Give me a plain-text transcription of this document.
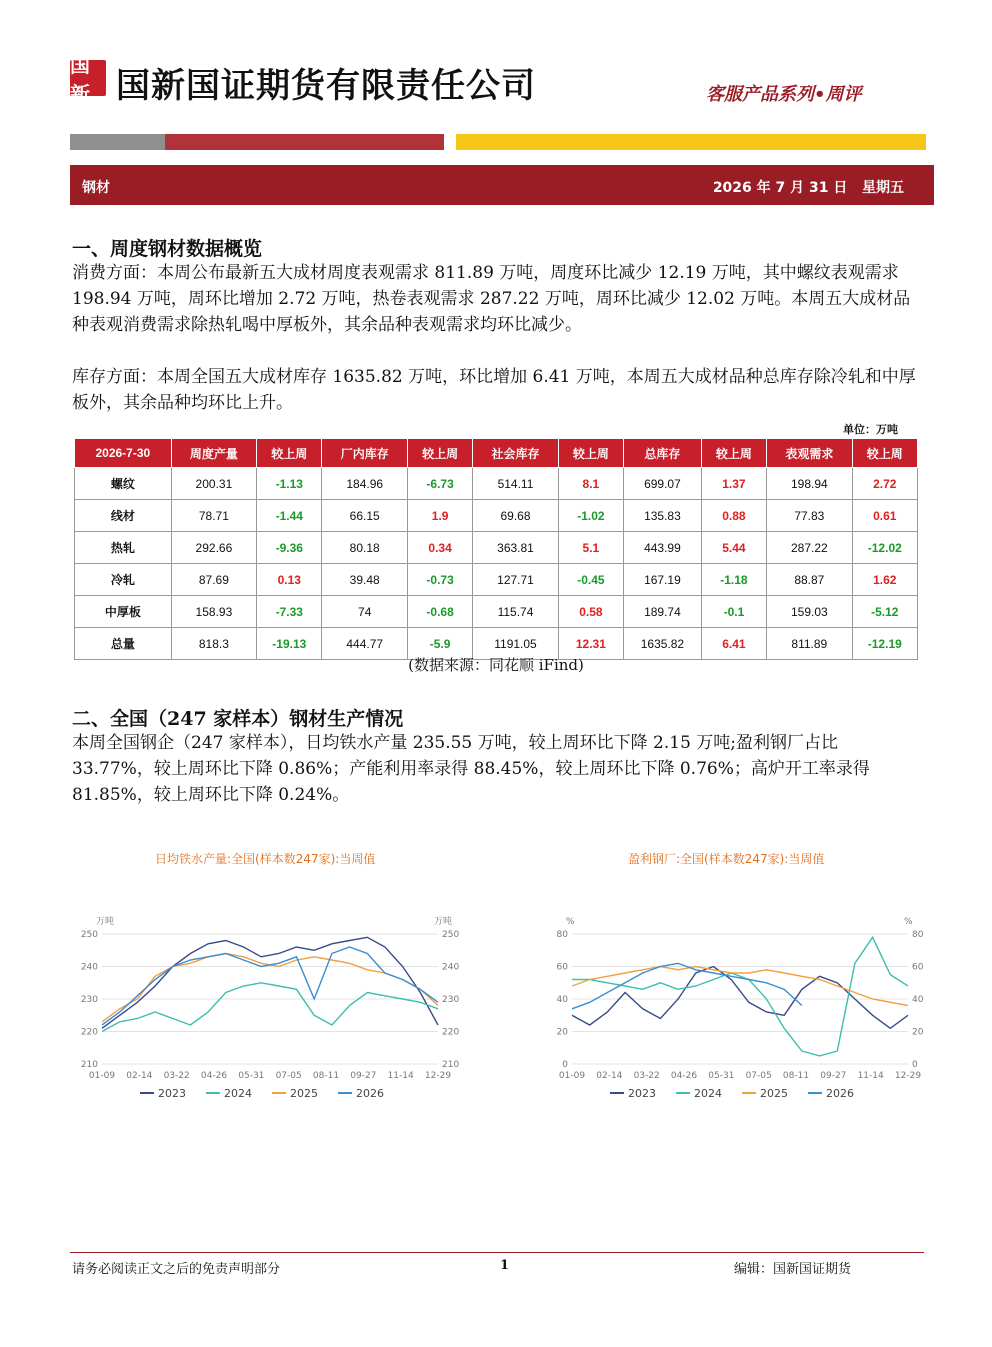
国新 国新国证期货有限责任公司	客服产品系列•周评
钢材	2026 年 7 月 31 日 星期五
一、周度钢材数据概览
消费方面：本周公布最新五大成材周度表观需求 811.89 万吨，周度环比减少 12.19 万吨，其中螺纹表观需求 198.94 万吨，周环比增加 2.72 万吨，热卷表观需求 287.22 万吨，周环比减少 12.02 万吨。本周五大成材品种表观消费需求除热轧喝中厚板外，其余品种表观需求均环比减少。
库存方面：本周全国五大成材库存 1635.82 万吨，环比增加 6.41 万吨，本周五大成材品种总库存除冷轧和中厚板外，其余品种均环比上升。
单位：万吨
2026-7-30	周度产量	较上周	厂内库存	较上周	社会库存	较上周	总库存	较上周	表观需求	较上周
螺纹	200.31	-1.13	184.96	-6.73	514.11	8.1	699.07	1.37	198.94	2.72
线材	78.71	-1.44	66.15	1.9	69.68	-1.02	135.83	0.88	77.83	0.61
热轧	292.66	-9.36	80.18	0.34	363.81	5.1	443.99	5.44	287.22	-12.02
冷轧	87.69	0.13	39.48	-0.73	127.71	-0.45	167.19	-1.18	88.87	1.62
中厚板	158.93	-7.33	74	-0.68	115.74	0.58	189.74	-0.1	159.03	-5.12
总量	818.3	-19.13	444.77	-5.9	1191.05	12.31	1635.82	6.41	811.89	-12.19
(数据来源：同花顺 iFind)
二、全国（247 家样本）钢材生产情况
本周全国钢企（247 家样本），日均铁水产量 235.55 万吨，较上周环比下降 2.15 万吨;盈利钢厂占比 33.77%，较上周环比下降 0.86%；产能利用率录得 88.45%，较上周环比下降 0.76%；高炉开工率录得 81.85%，较上周环比下降 0.24%。
日均铁水产量:全国(样本数247家):当周值	盈利钢厂:全国(样本数247家):当周值
万吨	万吨
250	250
240	240
230	230
220	220
210	210
01-09 02-14 03-22 04-26 05-31 07-05 08-11 09-27 11-14 12-29
2023	2024	2025	2026
%	%
80	80
60	60
40	40
20	20
0	0
01-09 02-14 03-22 04-26 05-31 07-05 08-11 09-27 11-14 12-29
2023	2024	2025	2026
请务必阅读正文之后的免责声明部分	1	编辑：国新国证期货
